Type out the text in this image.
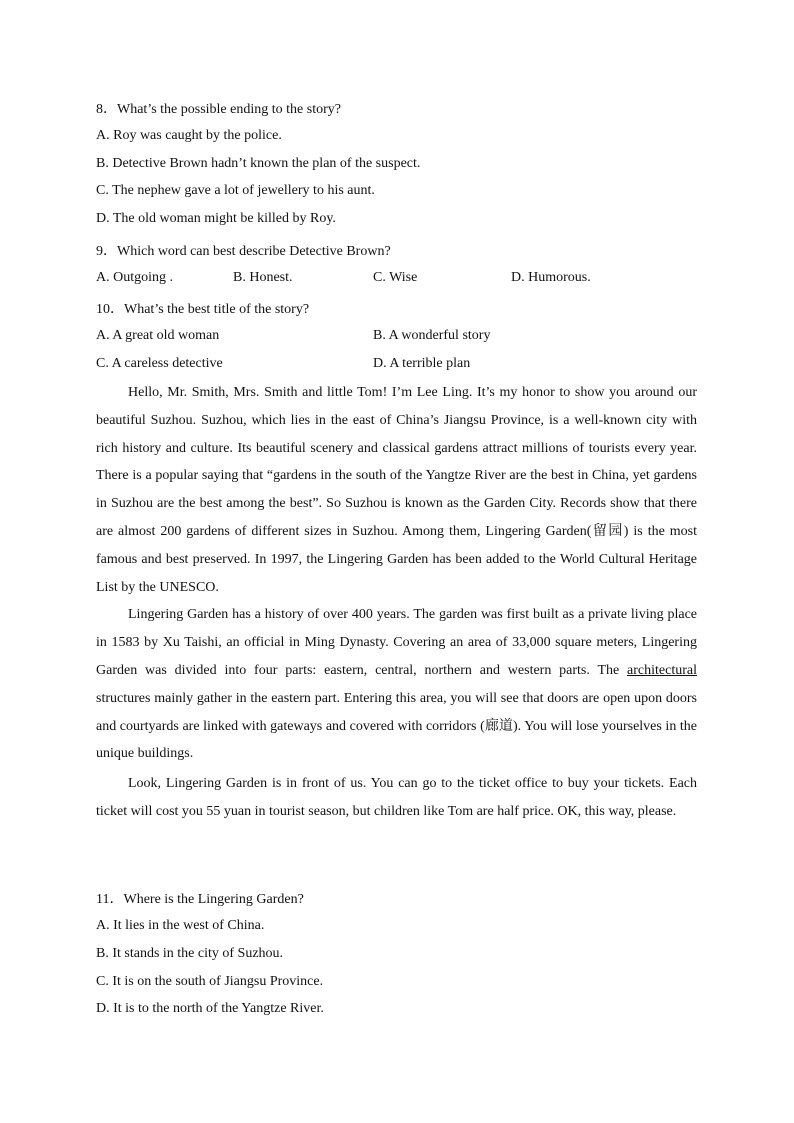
8．What’s the possible ending to the story?
A. Roy was caught by the police.
B. Detective Brown hadn’t known the plan of the suspect.
C. The nephew gave a lot of jewellery to his aunt.
D. The old woman might be killed by Roy.
9．Which word can best describe Detective Brown?
A. Outgoing .	B. Honest.	C. Wise	D. Humorous.
10．What’s the best title of the story?
A. A great old woman	B. A wonderful story
C. A careless detective	D. A terrible plan

Hello, Mr. Smith, Mrs. Smith and little Tom! I’m Lee Ling. It’s my honor to show you around our beautiful Suzhou. Suzhou, which lies in the east of China’s Jiangsu Province, is a well-known city with rich history and culture. Its beautiful scenery and classical gardens attract millions of tourists every year. There is a popular saying that “gardens in the south of the Yangtze River are the best in China, yet gardens in Suzhou are the best among the best”. So Suzhou is known as the Garden City. Records show that there are almost 200 gardens of different sizes in Suzhou. Among them, Lingering Garden(留园) is the most famous and best preserved. In 1997, the Lingering Garden has been added to the World Cultural Heritage List by the UNESCO.

Lingering Garden has a history of over 400 years. The garden was first built as a private living place in 1583 by Xu Taishi, an official in Ming Dynasty. Covering an area of 33,000 square meters, Lingering Garden was divided into four parts: eastern, central, northern and western parts. The architectural structures mainly gather in the eastern part. Entering this area, you will see that doors are open upon doors and courtyards are linked with gateways and covered with corridors (廊道). You will lose yourselves in the unique buildings.

Look, Lingering Garden is in front of us. You can go to the ticket office to buy your tickets. Each ticket will cost you 55 yuan in tourist season, but children like Tom are half price. OK, this way, please.

11．Where is the Lingering Garden?
A. It lies in the west of China.
B. It stands in the city of Suzhou.
C. It is on the south of Jiangsu Province.
D. It is to the north of the Yangtze River.
